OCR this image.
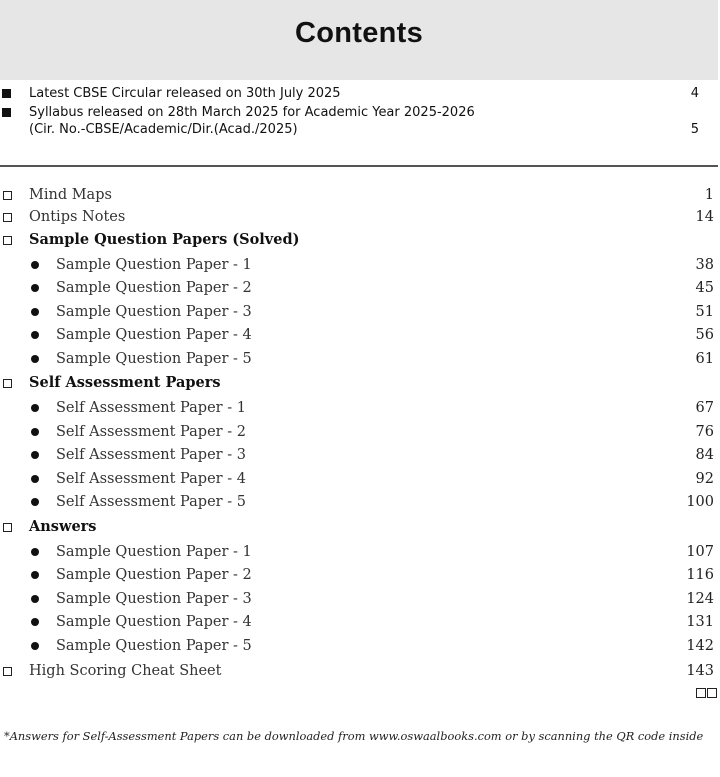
Contents
Latest CBSE Circular released on 30th July 2025	4
Syllabus released on 28th March 2025 for Academic Year 2025-2026
(Cir. No.-CBSE/Academic/Dir.(Acad./2025)	5
Mind Maps	1
Ontips Notes	14
Sample Question Papers (Solved)
Sample Question Paper - 1	38
Sample Question Paper - 2	45
Sample Question Paper - 3	51
Sample Question Paper - 4	56
Sample Question Paper - 5	61
Self Assessment Papers
Self Assessment Paper - 1	67
Self Assessment Paper - 2	76
Self Assessment Paper - 3	84
Self Assessment Paper - 4	92
Self Assessment Paper - 5	100
Answers
Sample Question Paper - 1	107
Sample Question Paper - 2	116
Sample Question Paper - 3	124
Sample Question Paper - 4	131
Sample Question Paper - 5	142
High Scoring Cheat Sheet	143
*Answers for Self-Assessment Papers can be downloaded from www.oswaalbooks.com or by scanning the QR code inside
